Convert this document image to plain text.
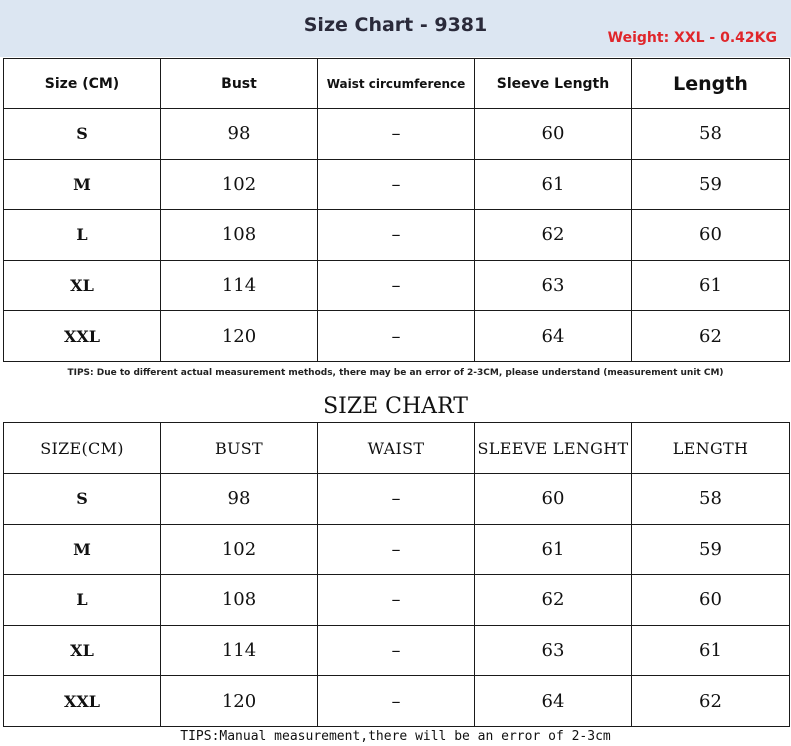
Size Chart - 9381
Weight: XXL - 0.42KG
Size (CM)	Bust	Waist circumference	Sleeve Length	Length
S	98	–	60	58
M	102	–	61	59
L	108	–	62	60
XL	114	–	63	61
XXL	120	–	64	62
TIPS: Due to different actual measurement methods, there may be an error of 2-3CM, please understand (measurement unit CM)
SIZE CHART
SIZE(CM)	BUST	WAIST	SLEEVE LENGHT	LENGTH
S	98	–	60	58
M	102	–	61	59
L	108	–	62	60
XL	114	–	63	61
XXL	120	–	64	62
TIPS:Manual measurement,there will be an error of 2-3cm
